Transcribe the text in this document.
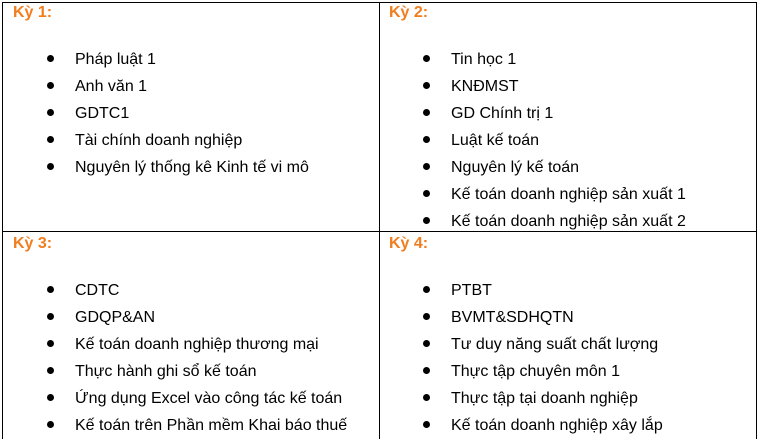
Kỳ 1:
Pháp luật 1
Anh văn 1
GDTC1
Tài chính doanh nghiệp
Nguyên lý thống kê Kinh tế vi mô
Kỳ 2:
Tin học 1
KNĐMST
GD Chính trị 1
Luật kế toán
Nguyên lý kế toán
Kế toán doanh nghiệp sản xuất 1
Kế toán doanh nghiệp sản xuất 2
Kỳ 3:
CDTC
GDQP&AN
Kế toán doanh nghiệp thương mại
Thực hành ghi sổ kế toán
Ứng dụng Excel vào công tác kế toán
Kế toán trên Phần mềm Khai báo thuế
Kỳ 4:
PTBT
BVMT&SDHQTN
Tư duy năng suất chất lượng
Thực tập chuyên môn 1
Thực tập tại doanh nghiệp
Kế toán doanh nghiệp xây lắp
